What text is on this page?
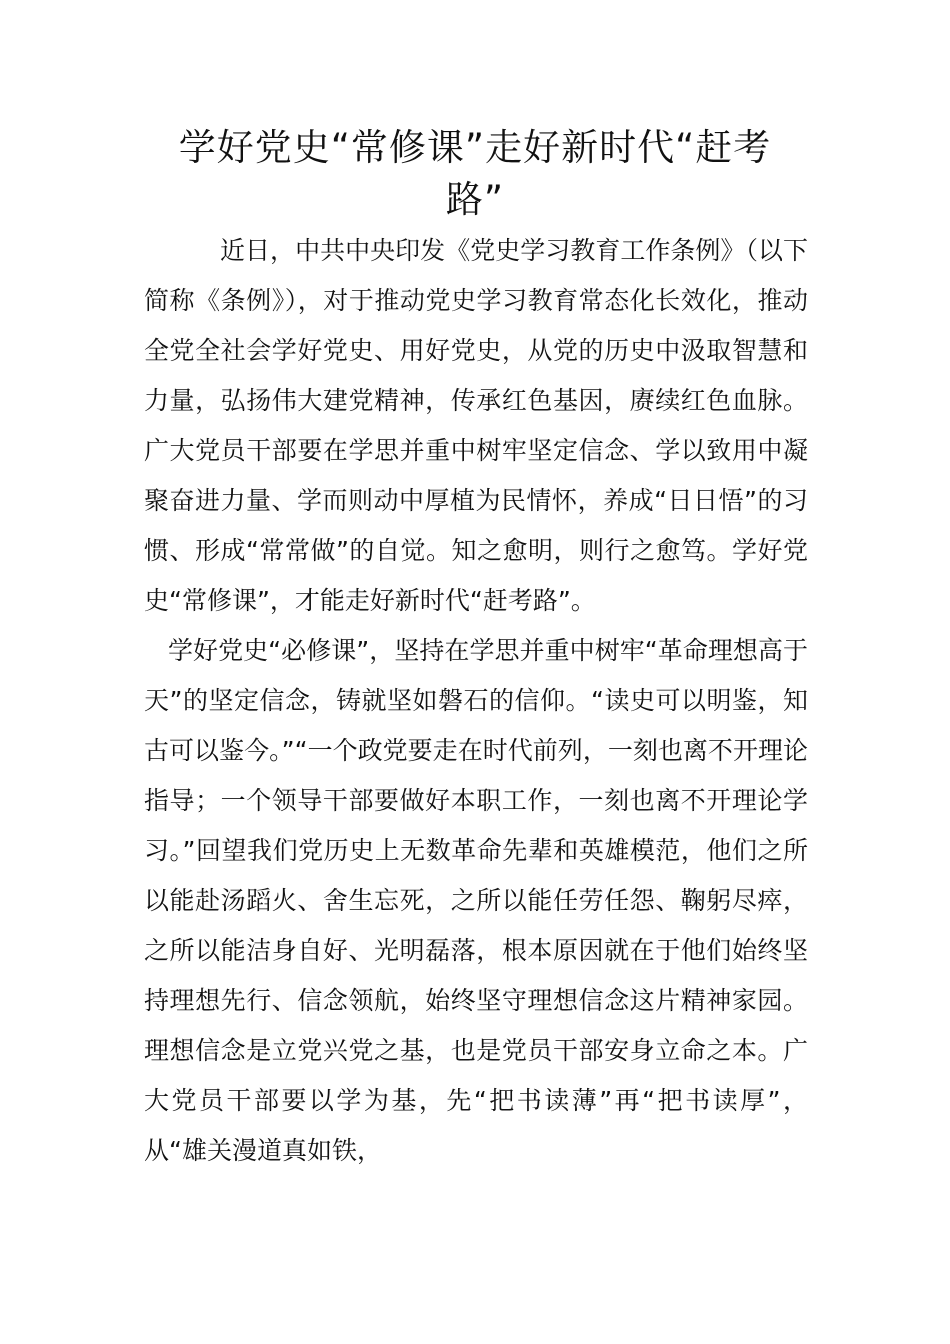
学好党史“常修课”走好新时代“赶考路”

近日，中共中央印发《党史学习教育工作条例》（以下简称《条例》），对于推动党史学习教育常态化长效化，推动全党全社会学好党史、用好党史，从党的历史中汲取智慧和力量，弘扬伟大建党精神，传承红色基因，赓续红色血脉。广大党员干部要在学思并重中树牢坚定信念、学以致用中凝聚奋进力量、学而则动中厚植为民情怀，养成“日日悟”的习惯、形成“常常做”的自觉。知之愈明，则行之愈笃。学好党史“常修课”，才能走好新时代“赶考路”。

学好党史“必修课”，坚持在学思并重中树牢“革命理想高于天”的坚定信念，铸就坚如磐石的信仰。“读史可以明鉴，知古可以鉴今。”“一个政党要走在时代前列，一刻也离不开理论指导；一个领导干部要做好本职工作，一刻也离不开理论学习。”回望我们党历史上无数革命先辈和英雄模范，他们之所以能赴汤蹈火、舍生忘死，之所以能任劳任怨、鞠躬尽瘁，之所以能洁身自好、光明磊落，根本原因就在于他们始终坚持理想先行、信念领航，始终坚守理想信念这片精神家园。理想信念是立党兴党之基，也是党员干部安身立命之本。广大党员干部要以学为基，先“把书读薄”再“把书读厚”，从“雄关漫道真如铁，
